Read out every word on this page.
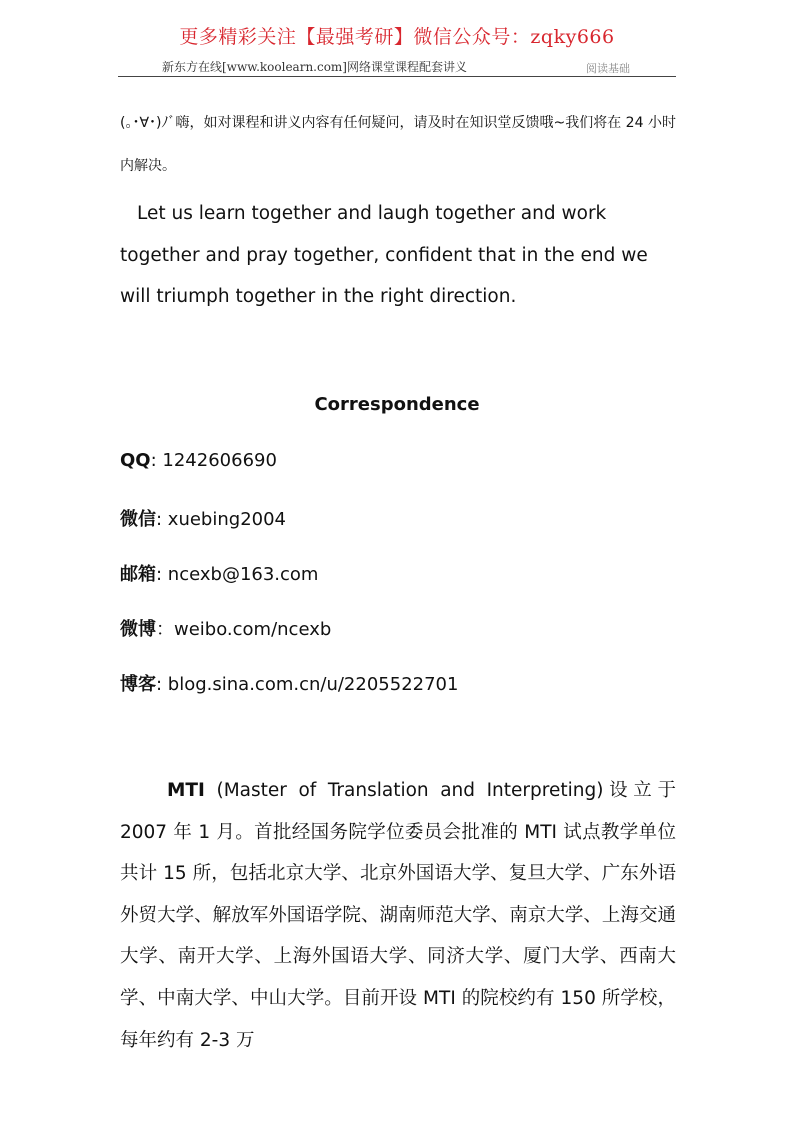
更多精彩关注【最强考研】微信公众号：zqky666
新东方在线[www.koolearn.com]网络课堂课程配套讲义	阅读基础
(｡･∀･)ﾉﾞ嗨，如对课程和讲义内容有任何疑问，请及时在知识堂反馈哦~我们将在 24 小时内解决。
Let us learn together and laugh together and work together and pray together, confident that in the end we will triumph together in the right direction.
Correspondence
QQ: 1242606690
微信: xuebing2004
邮箱: ncexb@163.com
微博：weibo.com/ncexb
博客: blog.sina.com.cn/u/2205522701
MTI (Master of Translation and Interpreting)设立于 2007 年 1 月。首批经国务院学位委员会批准的 MTI 试点教学单位共计 15 所，包括北京大学、北京外国语大学、复旦大学、广东外语外贸大学、解放军外国语学院、湖南师范大学、南京大学、上海交通大学、南开大学、上海外国语大学、同济大学、厦门大学、西南大学、中南大学、中山大学。目前开设 MTI 的院校约有 150 所学校，每年约有 2-3 万
